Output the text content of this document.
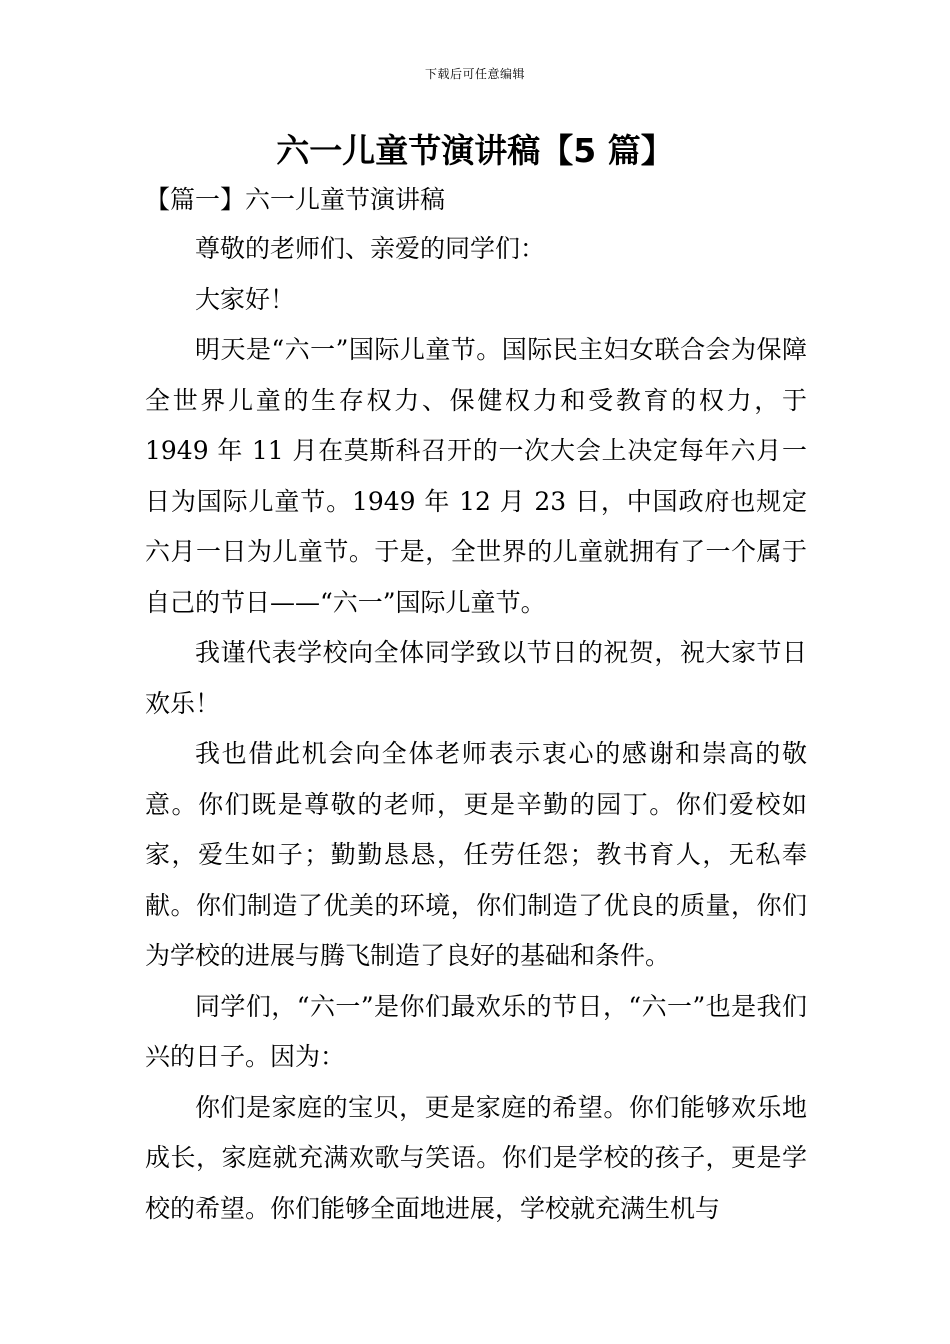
下载后可任意编辑
六一儿童节演讲稿【5 篇】
【篇一】六一儿童节演讲稿

尊敬的老师们、亲爱的同学们：

大家好！

明天是“六一”国际儿童节。国际民主妇女联合会为保障全世界儿童的生存权力、保健权力和受教育的权力，于 1949 年 11 月在莫斯科召开的一次大会上决定每年六月一日为国际儿童节。1949 年 12 月 23 日，中国政府也规定六月一日为儿童节。于是，全世界的儿童就拥有了一个属于自己的节日——“六一”国际儿童节。

我谨代表学校向全体同学致以节日的祝贺，祝大家节日欢乐！

我也借此机会向全体老师表示衷心的感谢和崇高的敬意。你们既是尊敬的老师，更是辛勤的园丁。你们爱校如家，爱生如子；勤勤恳恳，任劳任怨；教书育人，无私奉献。你们制造了优美的环境，你们制造了优良的质量，你们为学校的进展与腾飞制造了良好的基础和条件。

同学们，“六一”是你们最欢乐的节日，“六一”也是我们兴的日子。因为：

你们是家庭的宝贝，更是家庭的希望。你们能够欢乐地成长，家庭就充满欢歌与笑语。你们是学校的孩子，更是学校的希望。你们能够全面地进展，学校就充满生机与
